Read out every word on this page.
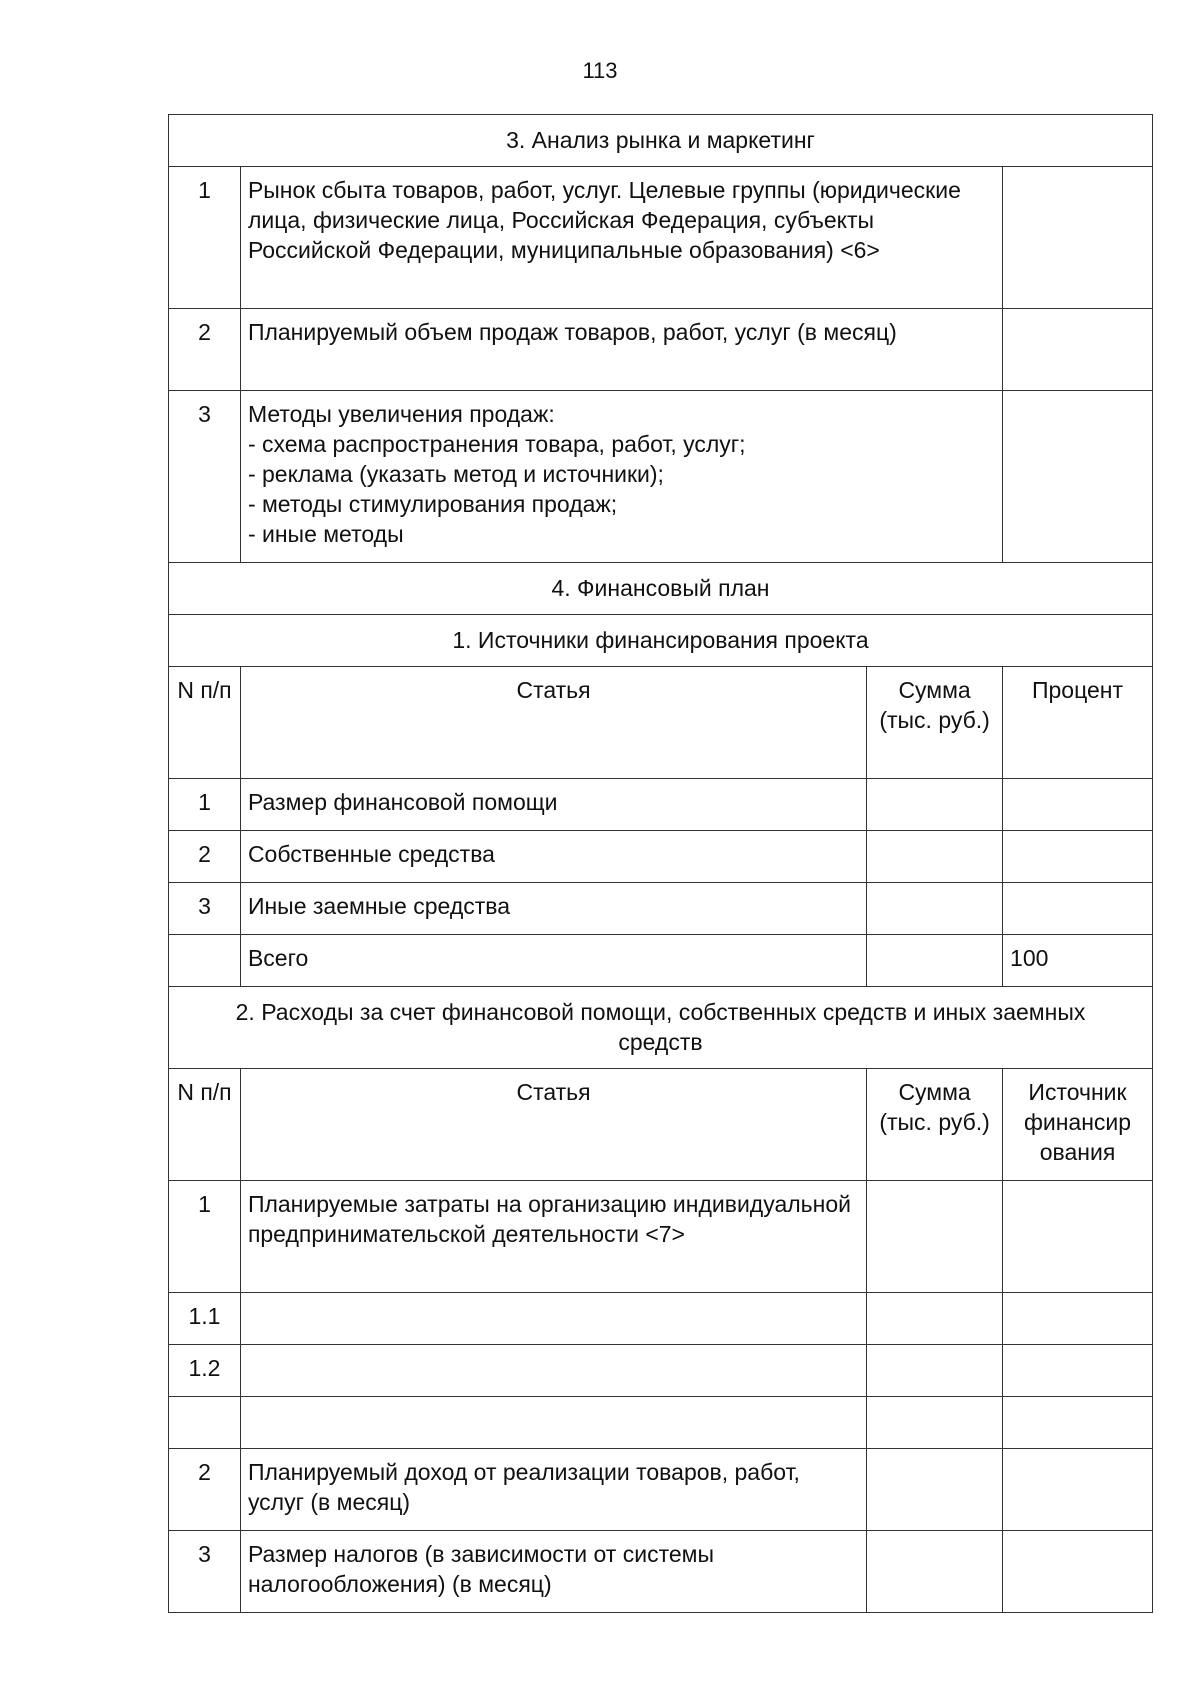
113
3. Анализ рынка и маркетинг			
1	Рынок сбыта товаров, работ, услуг. Целевые группы (юридические лица, физические лица, Российская Федерация, субъекты Российской Федерации, муниципальные образования) <6>		
2	Планируемый объем продаж товаров, работ, услуг (в месяц)		
3	Методы увеличения продаж:
- схема распространения товара, работ, услуг;
- реклама (указать метод и источники);
- методы стимулирования продаж;
- иные методы		
4. Финансовый план			
1. Источники финансирования проекта			
N п/п	Статья	Сумма (тыс. руб.)	Процент
1	Размер финансовой помощи		
2	Собственные средства		
3	Иные заемные средства		
	Всего		100
2. Расходы за счет финансовой помощи, собственных средств и иных заемных средств			
N п/п	Статья	Сумма (тыс. руб.)	Источник финансир ования
1	Планируемые затраты на организацию индивидуальной предпринимательской деятельности <7>		
1.1			
1.2			

2	Планируемый доход от реализации товаров, работ, услуг (в месяц)		
3	Размер налогов (в зависимости от системы налогообложения) (в месяц)		
